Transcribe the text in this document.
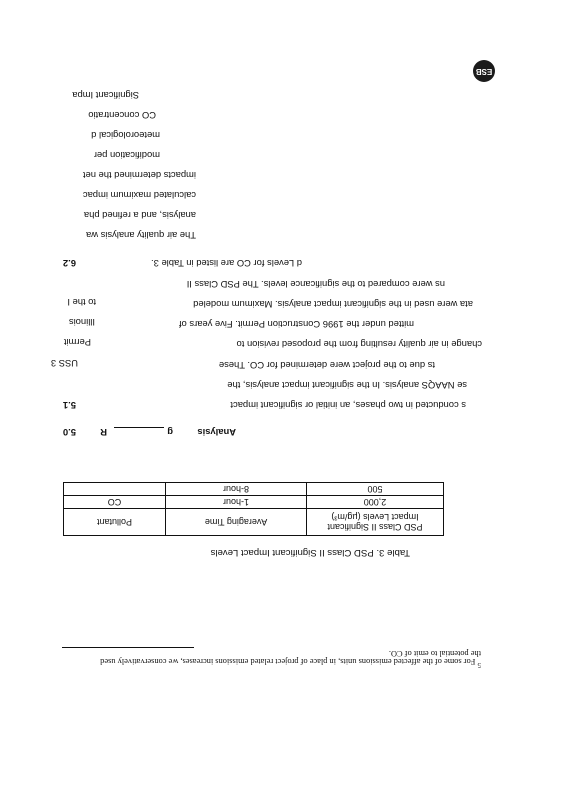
$^5$ For some of the affected emissions units, in place of project related emissions increases, we conservatively used
the potential to emit of CO.
Table 3. PSD Class II Significant Impact Levels
PSD Class II Significant
Impact Levels (µg/m³)	Averaging Time	Pollutant
2,000	1-hour	CO
500	8-hour	
Analysis
g
R
5.0
5.1
USS 3
Permit
Illinois
to the I
6.2
s conducted in two phases, an initial or significant impact
se NAAQS analysis. In the significant impact analysis, the
ts due to the project were determined for CO. These
change in air quality resulting from the proposed revision to
mitted under the 1996 Construction Permit. Five years of
ata were used in the significant impact analysis. Maximum modeled
ns were compared to the significance levels. The PSD Class II
d Levels for CO are listed in Table 3.
The air quality analysis wa
analysis, and a refined pha
calculated maximum impac
impacts determined the net
modification per
meteorological d
CO concentratio
Significant Impa
ESB
